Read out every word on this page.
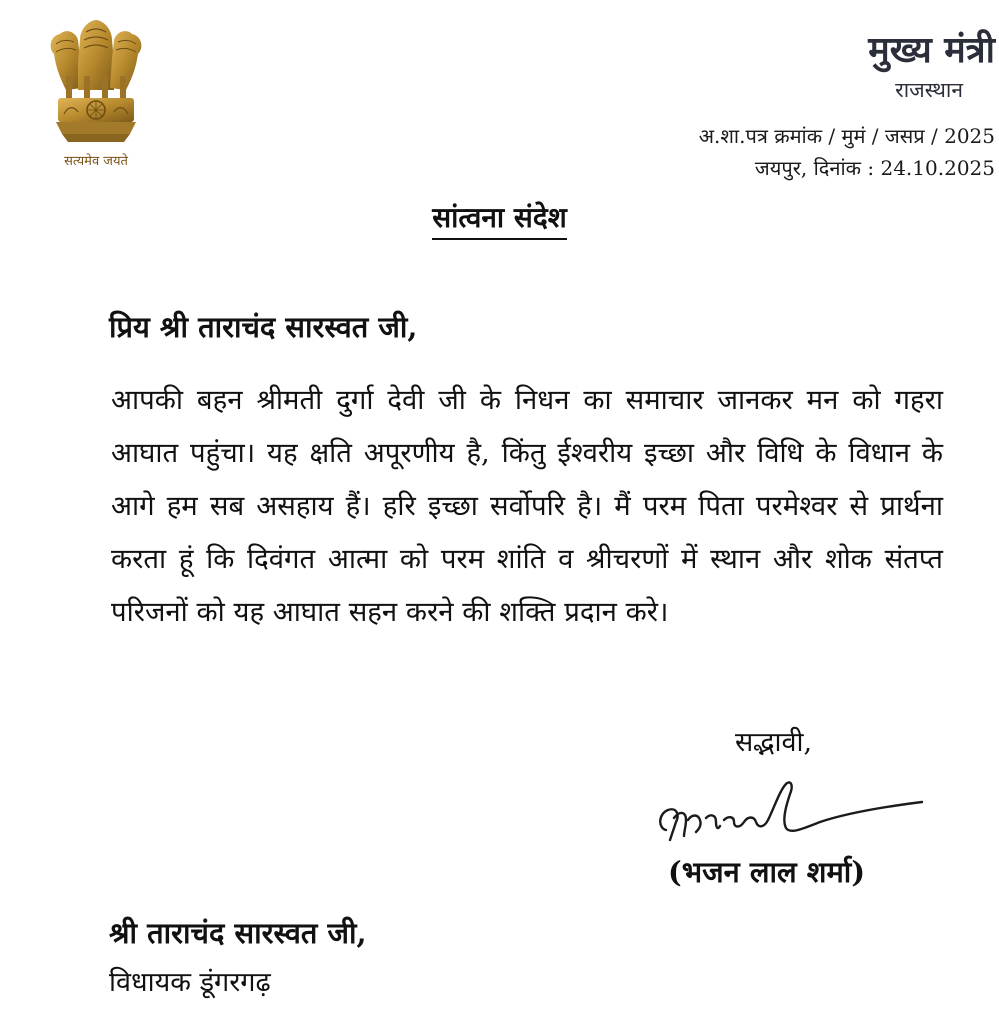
सत्यमेव जयते
मुख्य मंत्री
राजस्थान
अ.शा.पत्र क्रमांक / मुमं / जसप्र / 2025
जयपुर, दिनांक : 24.10.2025
सांत्वना संदेश
प्रिय श्री ताराचंद सारस्वत जी,

आपकी बहन श्रीमती दुर्गा देवी जी के निधन का समाचार जानकर मन को गहरा आघात पहुंचा। यह क्षति अपूरणीय है, किंतु ईश्वरीय इच्छा और विधि के विधान के आगे हम सब असहाय हैं। हरि इच्छा सर्वोपरि है। मैं परम पिता परमेश्वर से प्रार्थना करता हूं कि दिवंगत आत्मा को परम शांति व श्रीचरणों में स्थान और शोक संतप्त परिजनों को यह आघात सहन करने की शक्ति प्रदान करे।

सद्भावी,
(भजन लाल शर्मा)
श्री ताराचंद सारस्वत जी,
विधायक डूंगरगढ़
